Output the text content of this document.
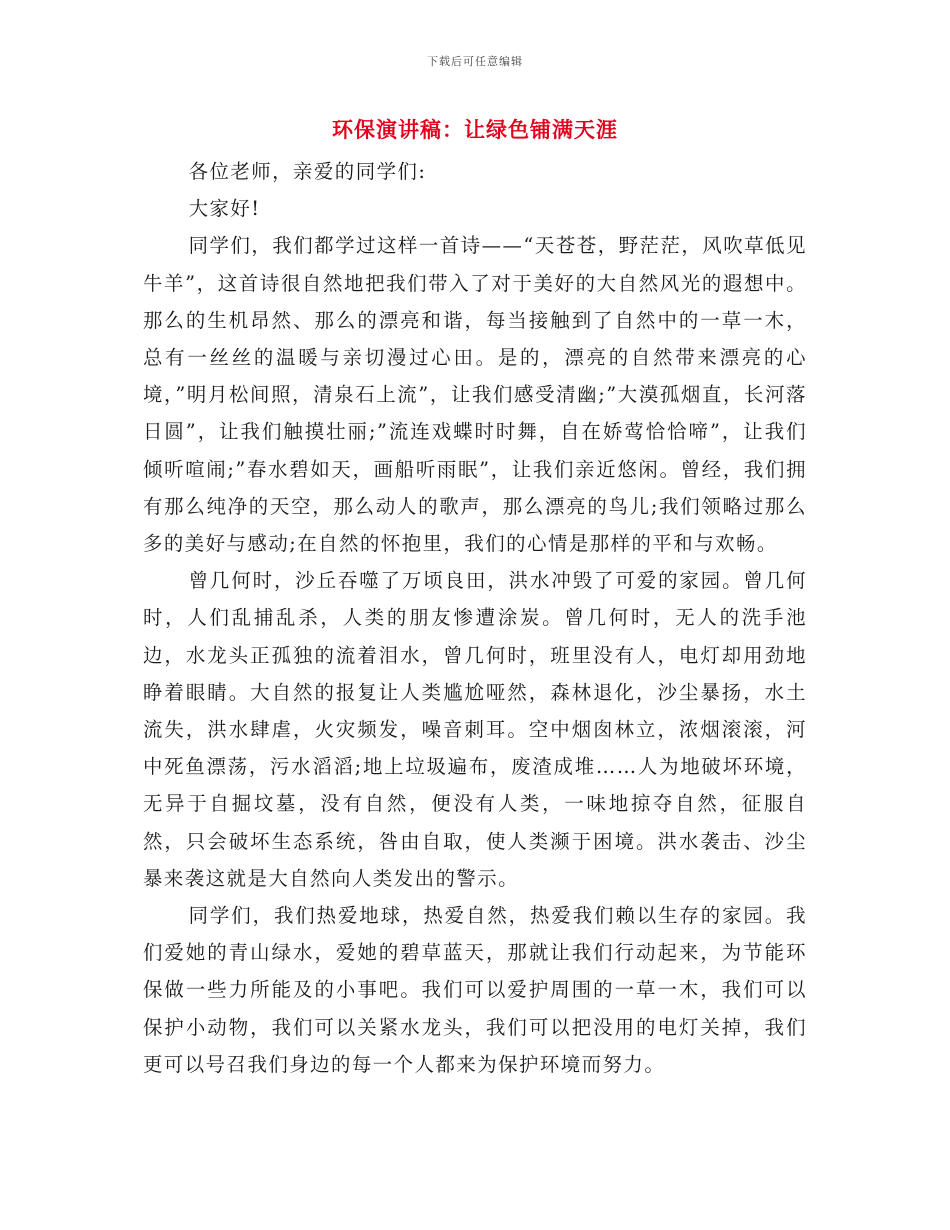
下载后可任意编辑
环保演讲稿：让绿色铺满天涯

各位老师，亲爱的同学们:

大家好!

同学们，我们都学过这样一首诗——“天苍苍，野茫茫，风吹草低见牛羊”，这首诗很自然地把我们带入了对于美好的大自然风光的遐想中。那么的生机昂然、那么的漂亮和谐，每当接触到了自然中的一草一木，总有一丝丝的温暖与亲切漫过心田。是的，漂亮的自然带来漂亮的心境，”明月松间照，清泉石上流”，让我们感受清幽;”大漠孤烟直，长河落日圆”，让我们触摸壮丽;”流连戏蝶时时舞，自在娇莺恰恰啼”，让我们倾听喧闹;”春水碧如天，画船听雨眠”，让我们亲近悠闲。曾经，我们拥有那么纯净的天空，那么动人的歌声，那么漂亮的鸟儿;我们领略过那么多的美好与感动;在自然的怀抱里，我们的心情是那样的平和与欢畅。

曾几何时，沙丘吞噬了万顷良田，洪水冲毁了可爱的家园。曾几何时，人们乱捕乱杀，人类的朋友惨遭涂炭。曾几何时，无人的洗手池边，水龙头正孤独的流着泪水，曾几何时，班里没有人，电灯却用劲地睁着眼睛。大自然的报复让人类尴尬哑然，森林退化，沙尘暴扬，水土流失，洪水肆虐，火灾频发，噪音刺耳。空中烟囱林立，浓烟滚滚，河中死鱼漂荡，污水滔滔;地上垃圾遍布，废渣成堆……人为地破坏环境，无异于自掘坟墓，没有自然，便没有人类，一味地掠夺自然，征服自然，只会破坏生态系统，咎由自取，使人类濒于困境。洪水袭击、沙尘暴来袭这就是大自然向人类发出的警示。

同学们，我们热爱地球，热爱自然，热爱我们赖以生存的家园。我们爱她的青山绿水，爱她的碧草蓝天，那就让我们行动起来，为节能环保做一些力所能及的小事吧。我们可以爱护周围的一草一木，我们可以保护小动物，我们可以关紧水龙头，我们可以把没用的电灯关掉，我们更可以号召我们身边的每一个人都来为保护环境而努力。
